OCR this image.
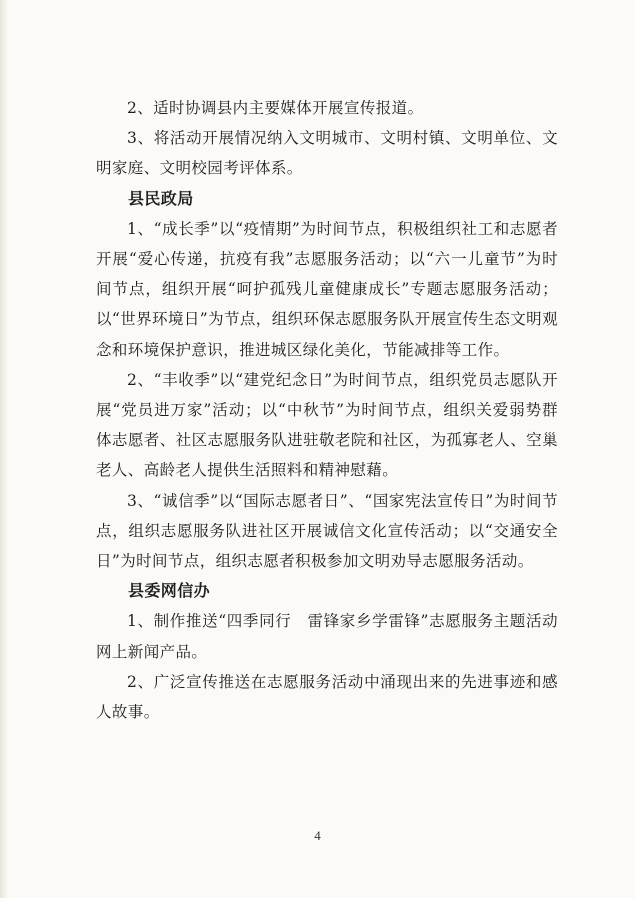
2、适时协调县内主要媒体开展宣传报道。

3、将活动开展情况纳入文明城市、文明村镇、文明单位、文明家庭、文明校园考评体系。

县民政局

1、“成长季”以“疫情期”为时间节点，积极组织社工和志愿者开展“爱心传递，抗疫有我”志愿服务活动；以“六一儿童节”为时间节点，组织开展“呵护孤残儿童健康成长”专题志愿服务活动；以“世界环境日”为节点，组织环保志愿服务队开展宣传生态文明观念和环境保护意识，推进城区绿化美化，节能减排等工作。

2、“丰收季”以“建党纪念日”为时间节点，组织党员志愿队开展“党员进万家”活动；以“中秋节”为时间节点，组织关爱弱势群体志愿者、社区志愿服务队进驻敬老院和社区，为孤寡老人、空巢老人、高龄老人提供生活照料和精神慰藉。

3、“诚信季”以“国际志愿者日”、“国家宪法宣传日”为时间节点，组织志愿服务队进社区开展诚信文化宣传活动；以“交通安全日”为时间节点，组织志愿者积极参加文明劝导志愿服务活动。

县委网信办

1、制作推送“四季同行　雷锋家乡学雷锋”志愿服务主题活动网上新闻产品。

2、广泛宣传推送在志愿服务活动中涌现出来的先进事迹和感人故事。

4
